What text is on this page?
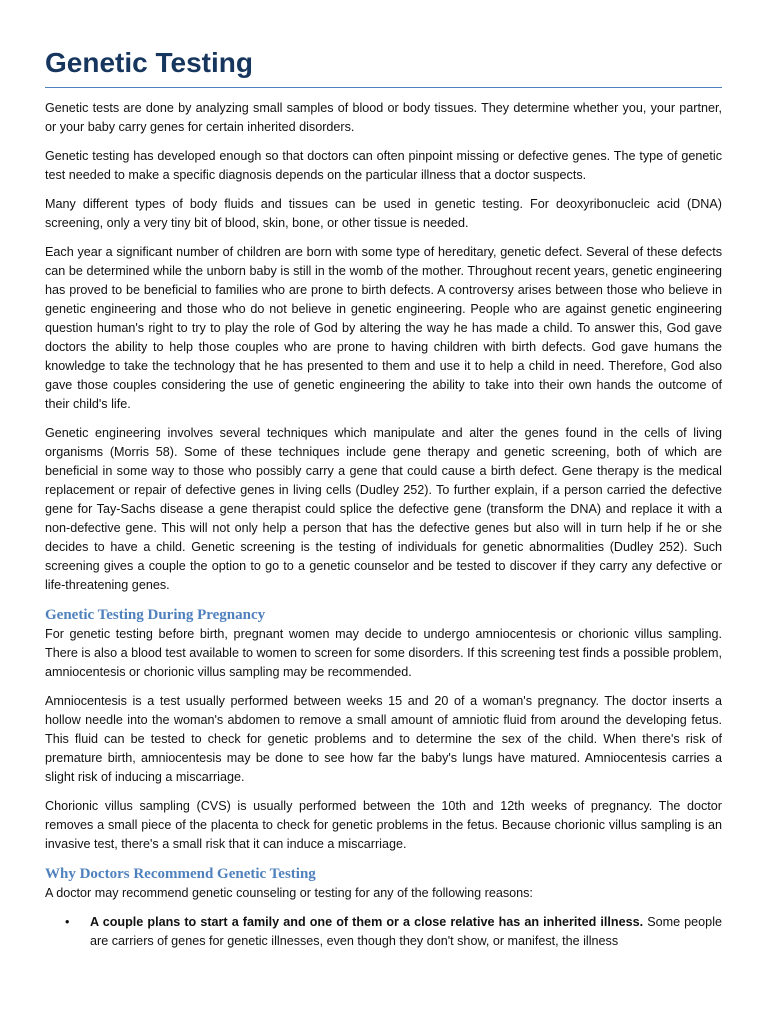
Genetic Testing

Genetic tests are done by analyzing small samples of blood or body tissues. They determine whether you, your partner, or your baby carry genes for certain inherited disorders.

Genetic testing has developed enough so that doctors can often pinpoint missing or defective genes. The type of genetic test needed to make a specific diagnosis depends on the particular illness that a doctor suspects.

Many different types of body fluids and tissues can be used in genetic testing. For deoxyribonucleic acid (DNA) screening, only a very tiny bit of blood, skin, bone, or other tissue is needed.

Each year a significant number of children are born with some type of hereditary, genetic defect. Several of these defects can be determined while the unborn baby is still in the womb of the mother. Throughout recent years, genetic engineering has proved to be beneficial to families who are prone to birth defects. A controversy arises between those who believe in genetic engineering and those who do not believe in genetic engineering. People who are against genetic engineering question human's right to try to play the role of God by altering the way he has made a child. To answer this, God gave doctors the ability to help those couples who are prone to having children with birth defects. God gave humans the knowledge to take the technology that he has presented to them and use it to help a child in need. Therefore, God also gave those couples considering the use of genetic engineering the ability to take into their own hands the outcome of their child's life.

Genetic engineering involves several techniques which manipulate and alter the genes found in the cells of living organisms (Morris 58). Some of these techniques include gene therapy and genetic screening, both of which are beneficial in some way to those who possibly carry a gene that could cause a birth defect. Gene therapy is the medical replacement or repair of defective genes in living cells (Dudley 252). To further explain, if a person carried the defective gene for Tay-Sachs disease a gene therapist could splice the defective gene (transform the DNA) and replace it with a non-defective gene. This will not only help a person that has the defective genes but also will in turn help if he or she decides to have a child. Genetic screening is the testing of individuals for genetic abnormalities (Dudley 252). Such screening gives a couple the option to go to a genetic counselor and be tested to discover if they carry any defective or life-threatening genes.

Genetic Testing During Pregnancy

For genetic testing before birth, pregnant women may decide to undergo amniocentesis or chorionic villus sampling. There is also a blood test available to women to screen for some disorders. If this screening test finds a possible problem, amniocentesis or chorionic villus sampling may be recommended.

Amniocentesis is a test usually performed between weeks 15 and 20 of a woman's pregnancy. The doctor inserts a hollow needle into the woman's abdomen to remove a small amount of amniotic fluid from around the developing fetus. This fluid can be tested to check for genetic problems and to determine the sex of the child. When there's risk of premature birth, amniocentesis may be done to see how far the baby's lungs have matured. Amniocentesis carries a slight risk of inducing a miscarriage.

Chorionic villus sampling (CVS) is usually performed between the 10th and 12th weeks of pregnancy. The doctor removes a small piece of the placenta to check for genetic problems in the fetus. Because chorionic villus sampling is an invasive test, there's a small risk that it can induce a miscarriage.

Why Doctors Recommend Genetic Testing

A doctor may recommend genetic counseling or testing for any of the following reasons:

• A couple plans to start a family and one of them or a close relative has an inherited illness. Some people are carriers of genes for genetic illnesses, even though they don't show, or manifest, the illness
